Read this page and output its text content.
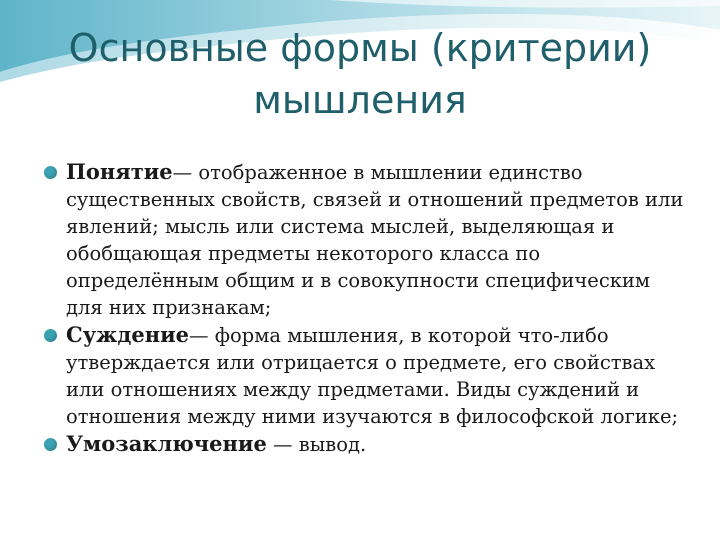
Основные формы (критерии)
мышления
Понятие— отображенное в мышлении единство существенных свойств, связей и отношений предметов или явлений; мысль или система мыслей, выделяющая и обобщающая предметы некоторого класса по определённым общим и в совокупности специфическим для них признакам;
Суждение— форма мышления, в которой что-либо утверждается или отрицается о предмете, его свойствах или отношениях между предметами. Виды суждений и отношения между ними изучаются в философской логике;
Умозаключение — вывод.
